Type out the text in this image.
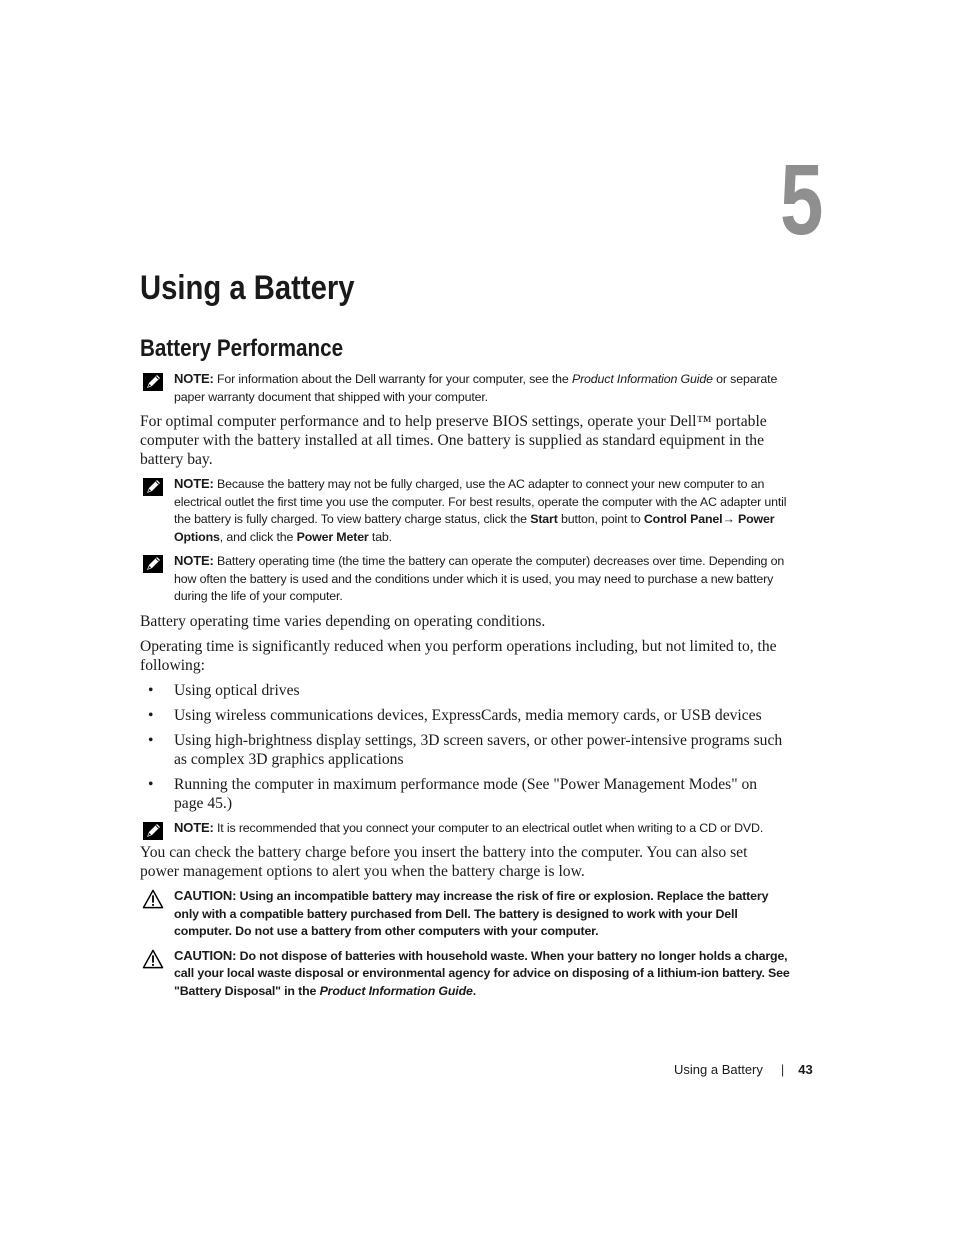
5
Using a Battery
Battery Performance
NOTE: For information about the Dell warranty for your computer, see the Product Information Guide or separate paper warranty document that shipped with your computer.

For optimal computer performance and to help preserve BIOS settings, operate your Dell™ portable computer with the battery installed at all times. One battery is supplied as standard equipment in the battery bay.

NOTE: Because the battery may not be fully charged, use the AC adapter to connect your new computer to an electrical outlet the first time you use the computer. For best results, operate the computer with the AC adapter until the battery is fully charged. To view battery charge status, click the Start button, point to Control Panel→ Power Options, and click the Power Meter tab.
NOTE: Battery operating time (the time the battery can operate the computer) decreases over time. Depending on how often the battery is used and the conditions under which it is used, you may need to purchase a new battery during the life of your computer.

Battery operating time varies depending on operating conditions.

Operating time is significantly reduced when you perform operations including, but not limited to, the following:

• Using optical drives
• Using wireless communications devices, ExpressCards, media memory cards, or USB devices
• Using high-brightness display settings, 3D screen savers, or other power-intensive programs such as complex 3D graphics applications
• Running the computer in maximum performance mode (See "Power Management Modes" on page 45.)
NOTE: It is recommended that you connect your computer to an electrical outlet when writing to a CD or DVD.

You can check the battery charge before you insert the battery into the computer. You can also set power management options to alert you when the battery charge is low.

CAUTION: Using an incompatible battery may increase the risk of fire or explosion. Replace the battery only with a compatible battery purchased from Dell. The battery is designed to work with your Dell computer. Do not use a battery from other computers with your computer.
CAUTION: Do not dispose of batteries with household waste. When your battery no longer holds a charge, call your local waste disposal or environmental agency for advice on disposing of a lithium-ion battery. See "Battery Disposal" in the Product Information Guide.
Using a Battery | 43
